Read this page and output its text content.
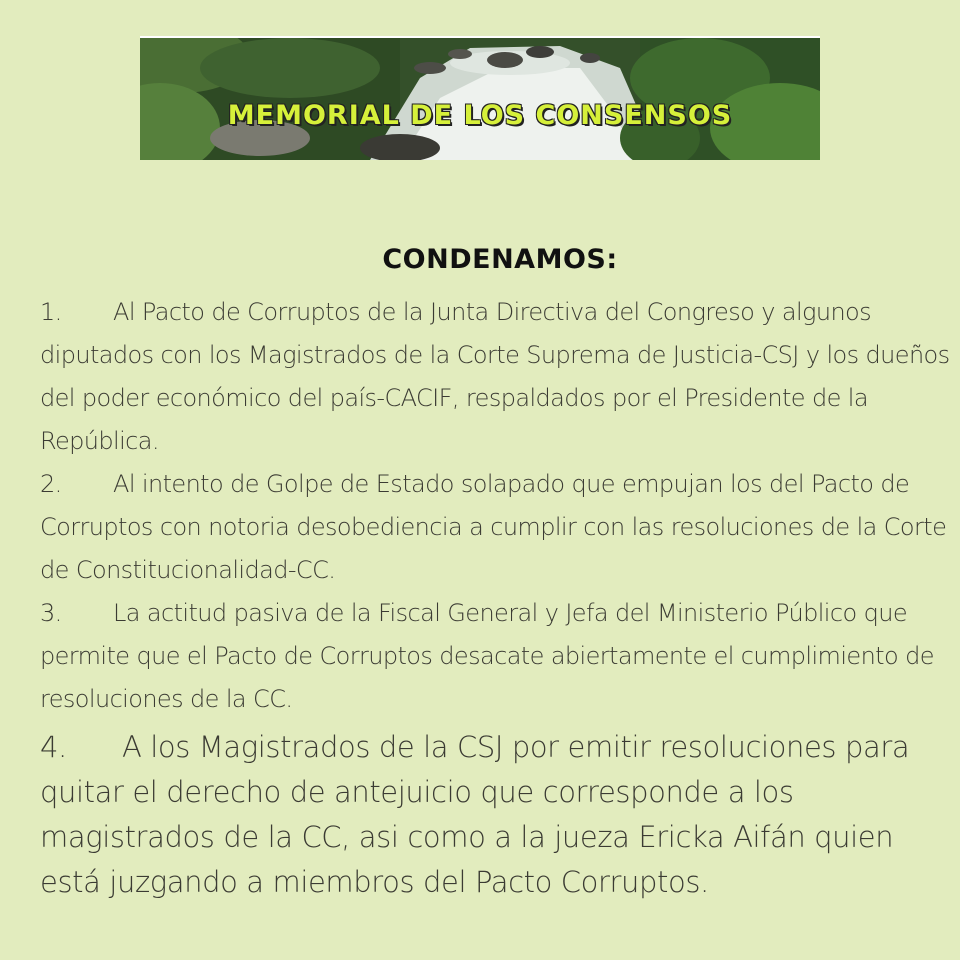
MEMORIAL DE LOS CONSENSOS
CONDENAMOS:
1. Al Pacto de Corruptos de la Junta Directiva del Congreso y algunos diputados con los Magistrados de la Corte Suprema de Justicia-CSJ y los dueños del poder económico del país-CACIF, respaldados por el Presidente de la República.
2. Al intento de Golpe de Estado solapado que empujan los del Pacto de Corruptos con notoria desobediencia a cumplir con las resoluciones de la Corte de Constitucionalidad-CC.
3. La actitud pasiva de la Fiscal General y Jefa del Ministerio Público que permite que el Pacto de Corruptos desacate abiertamente el cumplimiento de resoluciones de la CC.
4. A los Magistrados de la CSJ por emitir resoluciones para quitar el derecho de antejuicio que corresponde a los magistrados de la CC, asi como a la jueza Ericka Aifán quien está juzgando a miembros del Pacto Corruptos.
